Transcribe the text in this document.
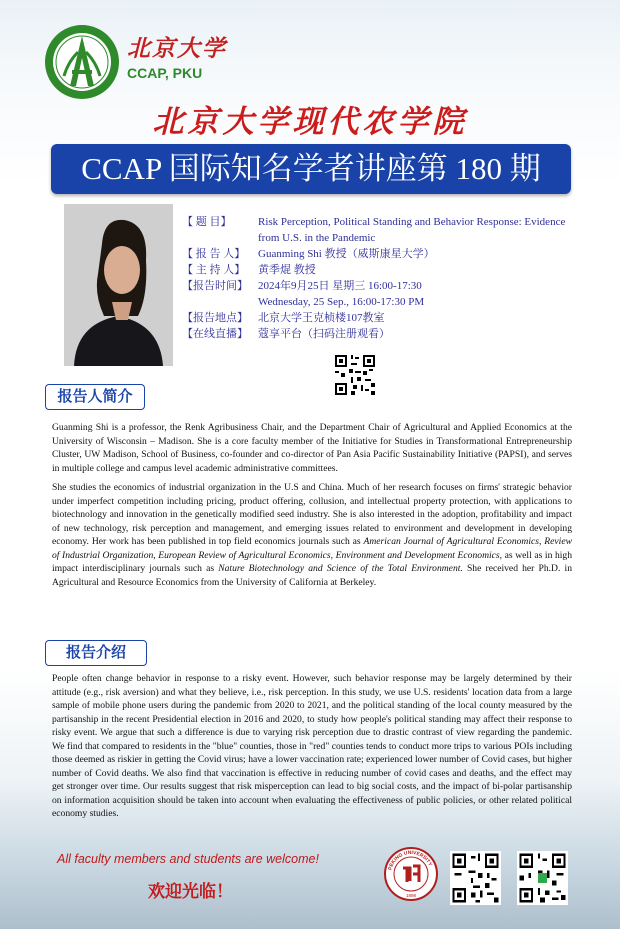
北京大学
CCAP, PKU
北京大学现代农学院
CCAP 国际知名学者讲座第 180 期
【 题 目】	Risk Perception, Political Standing and Behavior Response: Evidence from U.S. in the Pandemic
【 报 告 人】	Guanming Shi 教授（威斯康星大学）
【 主 持 人】	黄季焜 教授
【报告时间】 2024年9月25日 星期三 16:00-17:30
Wednesday, 25 Sep., 16:00-17:30 PM
【报告地点】 北京大学王克桢楼107教室
【在线直播】 蔻享平台（扫码注册观看）
报告人简介

Guanming Shi is a professor, the Renk Agribusiness Chair, and the Department Chair of Agricultural and Applied Economics at the University of Wisconsin – Madison. She is a core faculty member of the Initiative for Studies in Transformational Entrepreneurship Cluster, UW Madison, School of Business, co-founder and co-director of Pan Asia Pacific Sustainability Initiative (PAPSI), and serves in multiple college and campus level academic administrative committees.

She studies the economics of industrial organization in the U.S and China. Much of her research focuses on firms' strategic behavior under imperfect competition including pricing, product offering, collusion, and intellectual property protection, with applications to biotechnology and innovation in the genetically modified seed industry. She is also interested in the adoption, profitability and impact of new technology, risk perception and management, and emerging issues related to environment and development in developing economy. Her work has been published in top field economics journals such as American Journal of Agricultural Economics, Review of Industrial Organization, European Review of Agricultural Economics, Environment and Development Economics, as well as in high impact interdisciplinary journals such as Nature Biotechnology and Science of the Total Environment. She received her Ph.D. in Agricultural and Resource Economics from the University of California at Berkeley.

报告介绍

People often change behavior in response to a risky event. However, such behavior response may be largely determined by their attitude (e.g., risk aversion) and what they believe, i.e., risk perception. In this study, we use U.S. residents' location data from a large sample of mobile phone users during the pandemic from 2020 to 2021, and the political standing of the local county measured by the partisanship in the recent Presidential election in 2016 and 2020, to study how people's political standing may affect their response to risky event. We argue that such a difference is due to varying risk perception due to drastic contrast of view regarding the pandemic. We find that compared to residents in the "blue" counties, those in "red" counties tends to conduct more trips to various POIs including those deemed as riskier in getting the Covid virus; have a lower vaccination rate; experienced lower number of Covid cases, but higher number of Covid deaths. We also find that vaccination is effective in reducing number of covid cases and deaths, and the effect may get stronger over time. Our results suggest that risk misperception can lead to big social costs, and the impact of bi-polar partisanship on information acquisition should be taken into account when evaluating the effectiveness of public policies, or other related political economy studies.

All faculty members and students are welcome!
欢迎光临！
PEKING UNIVERSITY
1898
